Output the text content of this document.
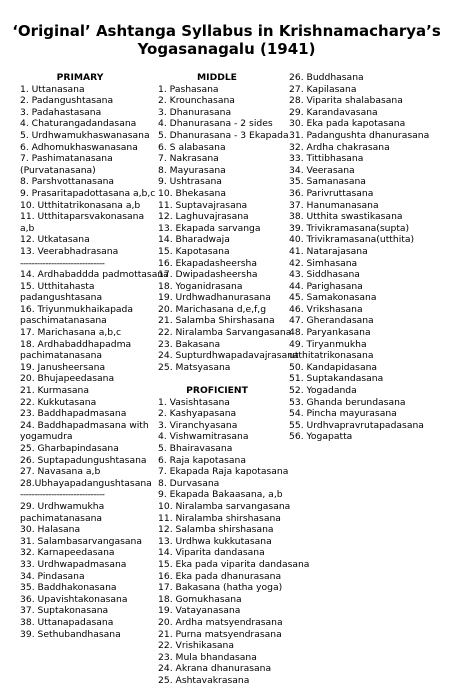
‘Original’ Ashtanga Syllabus in Krishnamacharya’s
Yogasanagalu (1941)
PRIMARY
1. Uttanasana
2. Padangushtasana
3. Padahastasana
4. Chaturangadandasana
5. Urdhwamukhaswanasana
6. Adhomukhaswanasana
7. Pashimatanasana
(Purvatanasana)
8. Parshvottanasana
9. Prasaritapadottasana a,b,c
10. Utthitatrikonasana a,b
11. Utthitaparsvakonasana
a,b
12. Utkatasana
13. Veerabhadrasana
------------------------------
14. Ardhabaddda padmottasana
15. Utthitahasta
padangushtasana
16. Triyunmukhaikapada
paschimatanasana
17. Marichasana a,b,c
18. Ardhabaddhapadma
pachimatanasana
19. Janusheersana
20. Bhujapeedasana
21. Kurmasana
22. Kukkutasana
23. Baddhapadmasana
24. Baddhapadmasana with
yogamudra
25. Gharbapindasana
26. Suptapadungushtasana
27. Navasana a,b
28.Ubhayapadangushtasana
------------------------------
29. Urdhwamukha
pachimatanasana
30. Halasana
31. Salambasarvangasana
32. Karnapeedasana
33. Urdhwapadmasana
34. Pindasana
35. Baddhakonasana
36. Upavishtakonasana
37. Suptakonasana
38. Uttanapadasana
39. Sethubandhasana
MIDDLE
1. Pashasana
2. Krounchasana
3. Dhanurasana
4. Dhanurasana - 2 sides
5. Dhanurasana - 3 Ekapada
6. S alabasana
7. Nakrasana
8. Mayurasana
9. Ushtrasana
10. Bhekasana
11. Suptavajrasana
12. Laghuvajrasana
13. Ekapada sarvanga
14. Bharadwaja
15. Kapotasana
16. Ekapadasheersha
17. Dwipadasheersha
18. Yoganidrasana
19. Urdhwadhanurasana
20. Marichasana d,e,f,g
21. Salamba Shirshasana
22. Niralamba Sarvangasana
23. Bakasana
24. Supturdhwapadavajrasana
25. Matsyasana
PROFICIENT
1. Vasishtasana
2. Kashyapasana
3. Viranchyasana
4. Vishwamitrasana
5. Bhairavasana
6. Raja kapotasana
7. Ekapada Raja kapotasana
8. Durvasana
9. Ekapada Bakaasana, a,b
10. Niralamba sarvangasana
11. Niralamba shirshasana
12. Salamba shirshasana
13. Urdhwa kukkutasana
14. Viparita dandasana
15. Eka pada viparita dandasana
16. Eka pada dhanurasana
17. Bakasana (hatha yoga)
18. Gomukhasana
19. Vatayanasana
20. Ardha matsyendrasana
21. Purna matsyendrasana
22. Vrishikasana
23. Mula bhandasana
24. Akrana dhanurasana
25. Ashtavakrasana
26. Buddhasana
27. Kapilasana
28. Viparita shalabasana
29. Karandavasana
30. Eka pada kapotasana
31. Padangushta dhanurasana
32. Ardha chakrasana
33. Tittibhasana
34. Veerasana
35. Samanasana
36. Parivruttasana
37. Hanumanasana
38. Utthita swastikasana
39. Trivikramasana(supta)
40. Trivikramasana(utthita)
41. Natarajasana
42. Simhasana
43. Siddhasana
44. Parighasana
45. Samakonasana
46. Vrikshasana
47. Gherandasana
48. Paryankasana
49. Tiryanmukha
utthitatrikonasana
50. Kandapidasana
51. Suptakandasana
52. Yogadanda
53. Ghanda berundasana
54. Pincha mayurasana
55. Urdhvapravrutapadasana
56. Yogapatta
